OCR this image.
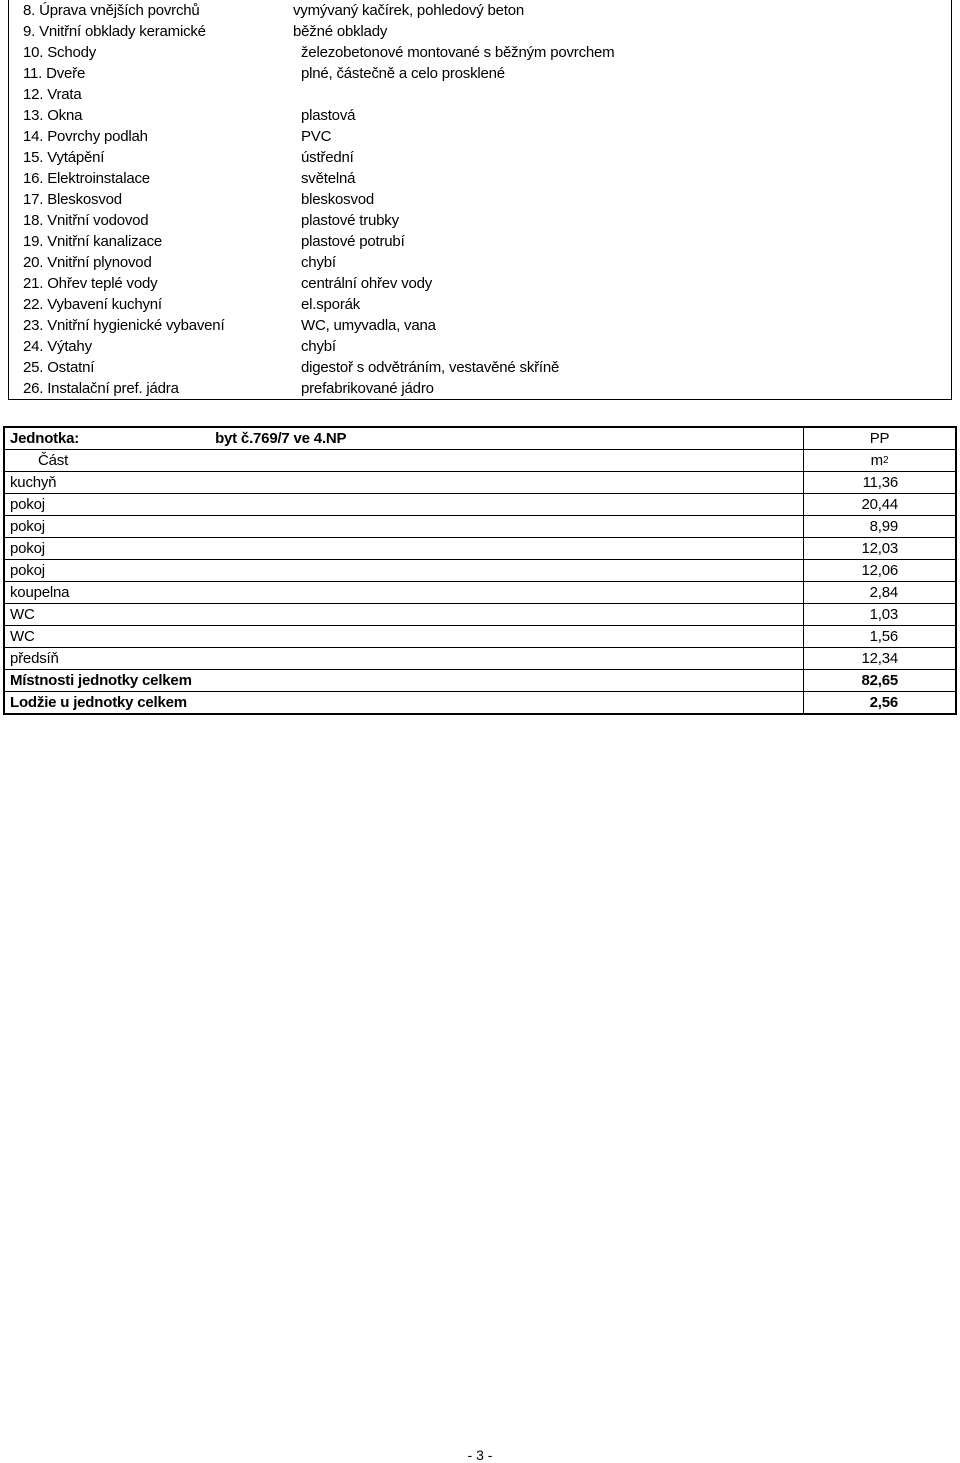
8. Úprava vnějších povrchů	vymývaný kačírek, pohledový beton
9. Vnitřní obklady keramické	běžné obklady
10. Schody	železobetonové montované s běžným povrchem
11. Dveře	plné, částečně a celo prosklené
12. Vrata
13. Okna	plastová
14. Povrchy podlah	PVC
15. Vytápění	ústřední
16. Elektroinstalace	světelná
17. Bleskosvod	bleskosvod
18. Vnitřní vodovod	plastové trubky
19. Vnitřní kanalizace	plastové potrubí
20. Vnitřní plynovod	chybí
21. Ohřev teplé vody	centrální ohřev vody
22. Vybavení kuchyní	el.sporák
23. Vnitřní hygienické vybavení	WC, umyvadla, vana
24. Výtahy	chybí
25. Ostatní	digestoř s odvětráním, vestavěné skříně
26. Instalační pref. jádra	prefabrikované jádro
Jednotka:	byt č.769/7 ve 4.NP	PP
Část	m 2
kuchyň	11,36
pokoj	20,44
pokoj	8,99
pokoj	12,03
pokoj	12,06
koupelna	2,84
WC	1,03
WC	1,56
předsíň	12,34
Místnosti jednotky celkem	82,65
Lodžie u jednotky celkem	2,56
- 3 -
